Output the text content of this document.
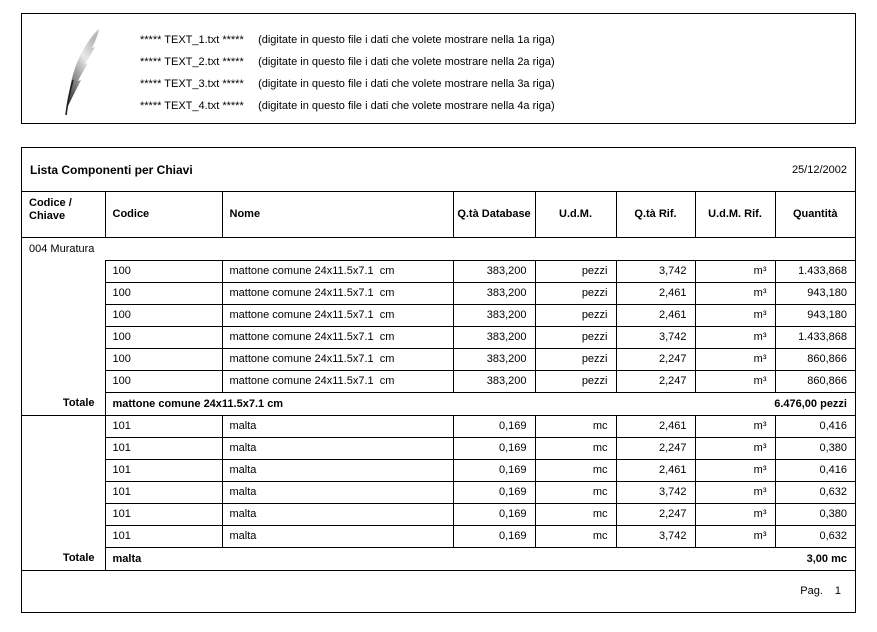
***** TEXT_1.txt ***** (digitate in questo file i dati che volete mostrare nella 1a riga)
***** TEXT_2.txt ***** (digitate in questo file i dati che volete mostrare nella 2a riga)
***** TEXT_3.txt ***** (digitate in questo file i dati che volete mostrare nella 3a riga)
***** TEXT_4.txt ***** (digitate in questo file i dati che volete mostrare nella 4a riga)
Lista Componenti per Chiavi	25/12/2002
Codice /
Chiave	Codice	Nome	Q.tà Database	U.d.M.	Q.tà Rif.	U.d.M. Rif.	Quantità
004 Muratura							
	100	mattone comune 24x11.5x7.1  cm	383,200	pezzi	3,742	m³	1.433,868
	100	mattone comune 24x11.5x7.1  cm	383,200	pezzi	2,461	m³	943,180
	100	mattone comune 24x11.5x7.1  cm	383,200	pezzi	2,461	m³	943,180
	100	mattone comune 24x11.5x7.1  cm	383,200	pezzi	3,742	m³	1.433,868
	100	mattone comune 24x11.5x7.1  cm	383,200	pezzi	2,247	m³	860,866
	100	mattone comune 24x11.5x7.1  cm	383,200	pezzi	2,247	m³	860,866
Totale	mattone comune 24x11.5x7.1 cm 6.476,00 pezzi						

	101	malta	0,169	mc	2,461	m³	0,416
	101	malta	0,169	mc	2,247	m³	0,380
	101	malta	0,169	mc	2,461	m³	0,416
	101	malta	0,169	mc	3,742	m³	0,632
	101	malta	0,169	mc	2,247	m³	0,380
	101	malta	0,169	mc	3,742	m³	0,632
Totale	malta 3,00 mc						
Pag. 1
